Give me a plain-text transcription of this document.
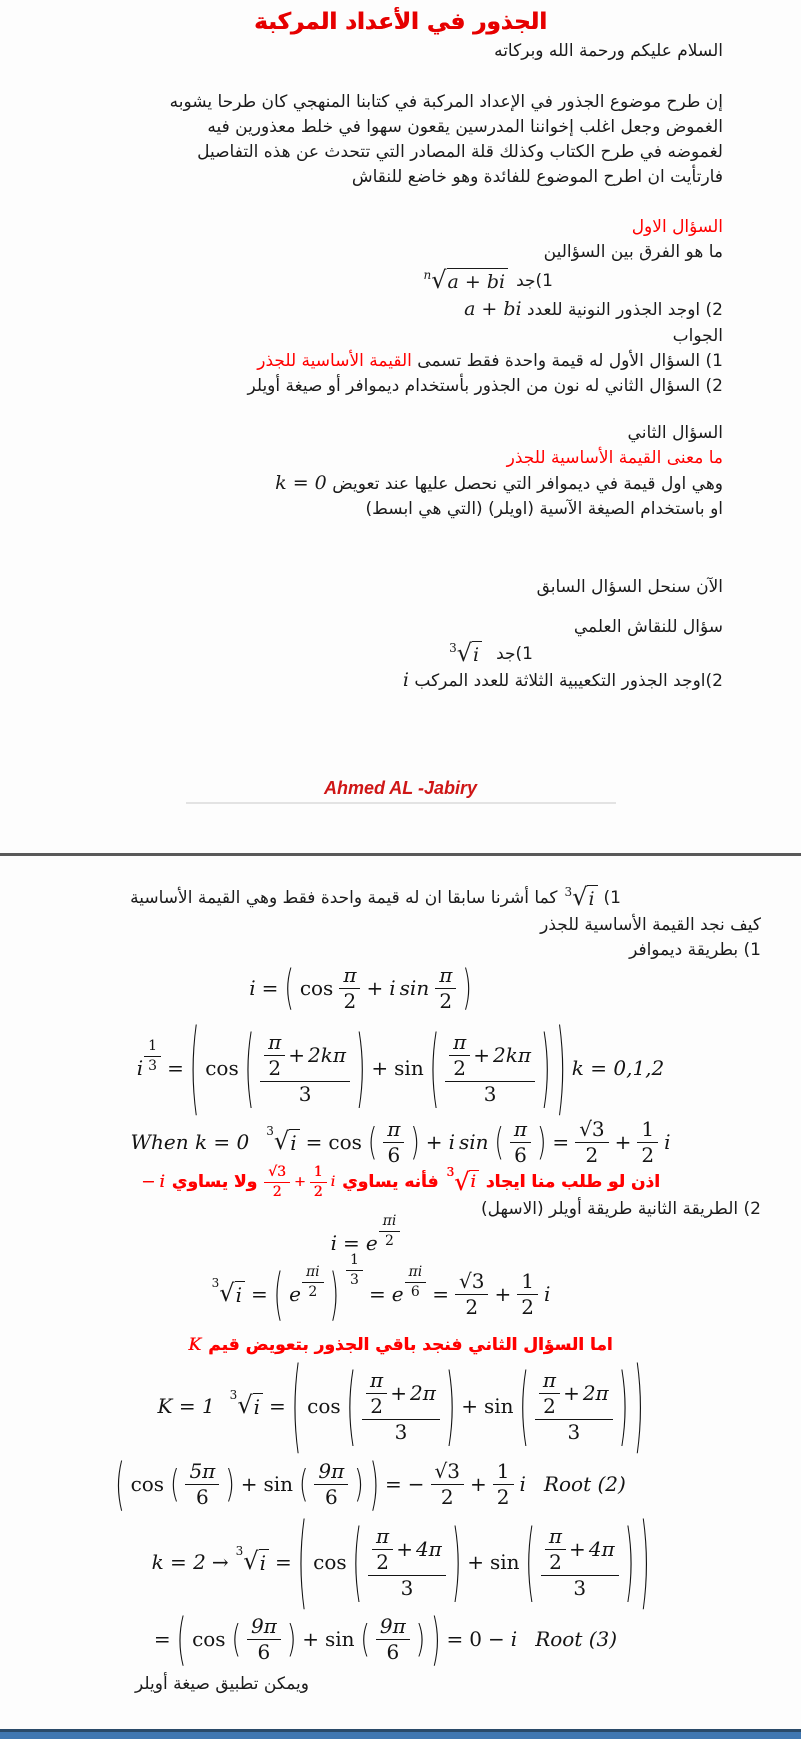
الجذور في الأعداد المركبة
السلام عليكم ورحمة الله وبركاته
إن طرح موضوع الجذور في الإعداد المركبة في كتابنا المنهجي كان طرحا يشوبه
الغموض وجعل اغلب إخواننا المدرسين يقعون سهوا في خلط معذورين فيه
لغموضه في طرح الكتاب وكذلك قلة المصادر التي تتحدث عن هذه التفاصيل
فارتأيت ان اطرح الموضوع للفائدة وهو خاضع للنقاش
السؤال الاول
ما هو الفرق بين السؤالين
1)جد
n √ a + bi
2) اوجد الجذور النونية للعدد
a + bi
الجواب
1) السؤال الأول له قيمة واحدة فقط تسمى القيمة الأساسية للجذر
2) السؤال الثاني له نون من الجذور بأستخدام ديموافر أو صيغة أويلر
السؤال الثاني
ما معنى القيمة الأساسية للجذر
وهي اول قيمة في ديموافر التي نحصل عليها عند تعويض k = 0
او باستخدام الصيغة الآسية (اويلر) (التي هي ابسط)
الآن سنحل السؤال السابق
سؤال للنقاش العلمي
1)جد
3 √ i
2)اوجد الجذور التكعيبية الثلاثة للعدد المركب
i
Ahmed AL -Jabiry
1)
3 √ i
كما أشرنا سابقا ان له قيمة واحدة فقط وهي القيمة الأساسية
كيف نجد القيمة الأساسية للجذر
1) بطريقة ديموافر
i = ( cos
π
2
+ i sin
π
2 )
i $\frac{1}{3}$ = ( cos ( π
2
+ 2kπ
3 ) + sin ( π
2
+ 2kπ
3 ) ) k = 0,1,2
When k = 0 3 √ i = cos ( π
6 ) + i sin ( π
6 ) = $\frac{√3}{2} + \frac{1}{2}$ i
اذن لو طلب منا ايجاد
3 √ i
فأنه يساوي
√3
2
+ $\frac{1}{2}$ i
ولا يساوي
− i
2) الطريقة الثانية طريقة أويلر (الاسهل)
i = e $\frac{\pi i}{2}$
3 √ i = ( e $\frac{\pi i}{2}$ ) $\frac{1}{3}$
= e $\frac{\pi i}{6} = \frac{√3}{2} + \frac{1}{2}$ i
اما السؤال الثاني فنجد باقي الجذور بتعويض قيم
K
K = 1 3 √ i = ( cos ( π
2
+ 2π
3 ) + sin ( π
2
+ 2π
3 ) )
( cos ( 5π
6 ) + sin ( 9π
6 ) ) = − $\frac{√3}{2} + \frac{1}{2}$ i Root (2)
k = 2 → 3 √ i = ( cos ( π
2
+ 4π
3 ) + sin ( π
2
+ 4π
3 ) )
= ( cos ( 9π
6 ) + sin ( 9π
6 ) ) = 0 − i Root (3)
ويمكن تطبيق صيغة أويلر
